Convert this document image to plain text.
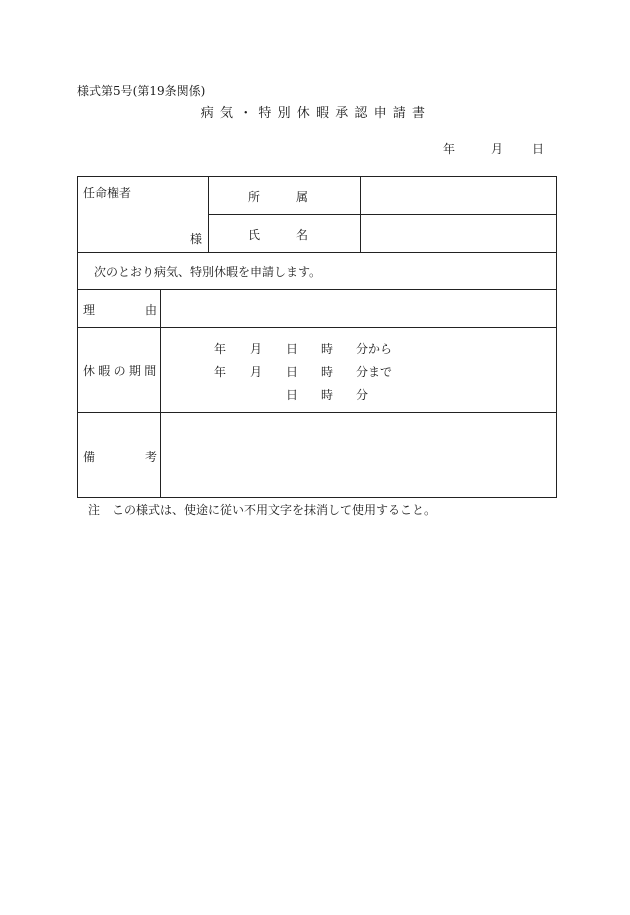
様式第5号(第19条関係)
病気・特別休暇承認申請書
年	月 日
任命権者
様
所　属
氏　名
次のとおり病気、特別休暇を申請します。
理　由
休暇の期間
年 月 日 時 分から
年 月 日 時 分まで
日 時 分
備　考
注　この様式は、使途に従い不用文字を抹消して使用すること。
